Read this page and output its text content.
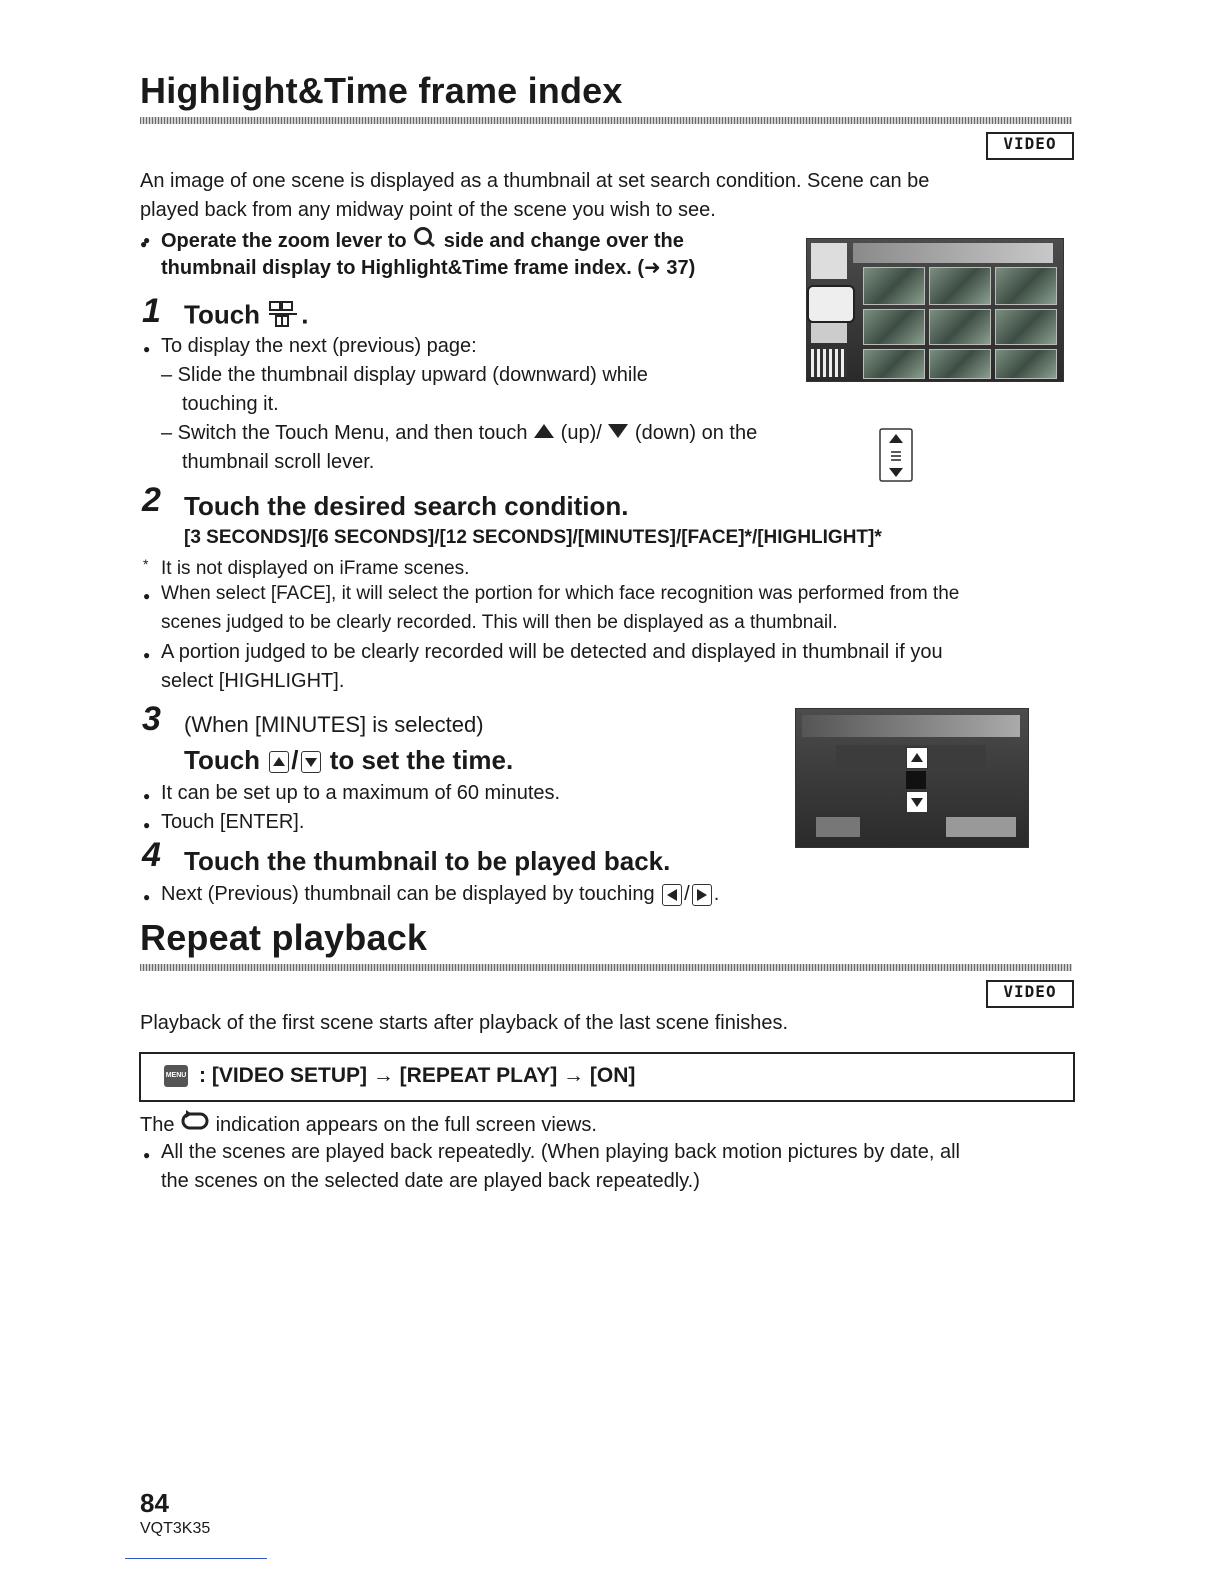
Highlight&Time frame index
VIDEO
An image of one scene is displayed as a thumbnail at set search condition. Scene can be
played back from any midway point of the scene you wish to see.
Operate the zoom lever to side and change over the
●
thumbnail display to Highlight&Time frame index. (➜ 37)
1 Touch .
● To display the next (previous) page:
– Slide the thumbnail display upward (downward) while
touching it.
– Switch the Touch Menu, and then touch (up)/ (down) on the
thumbnail scroll lever.
2 Touch the desired search condition.
[3 SECONDS]/[6 SECONDS]/[12 SECONDS]/[MINUTES]/[FACE]*/[HIGHLIGHT]*
* It is not displayed on iFrame scenes.
● When select [FACE], it will select the portion for which face recognition was performed from the
scenes judged to be clearly recorded. This will then be displayed as a thumbnail.
● A portion judged to be clearly recorded will be detected and displayed in thumbnail if you
select [HIGHLIGHT].
3 (When [MINUTES] is selected)
Touch / to set the time.
● It can be set up to a maximum of 60 minutes.
● Touch [ENTER].
4 Touch the thumbnail to be played back.
● Next (Previous) thumbnail can be displayed by touching / .
Repeat playback
VIDEO
Playback of the first scene starts after playback of the last scene finishes.
MENU : [VIDEO SETUP] → [REPEAT PLAY] → [ON]
The indication appears on the full screen views.
● All the scenes are played back repeatedly. (When playing back motion pictures by date, all
the scenes on the selected date are played back repeatedly.)
84
VQT3K35
